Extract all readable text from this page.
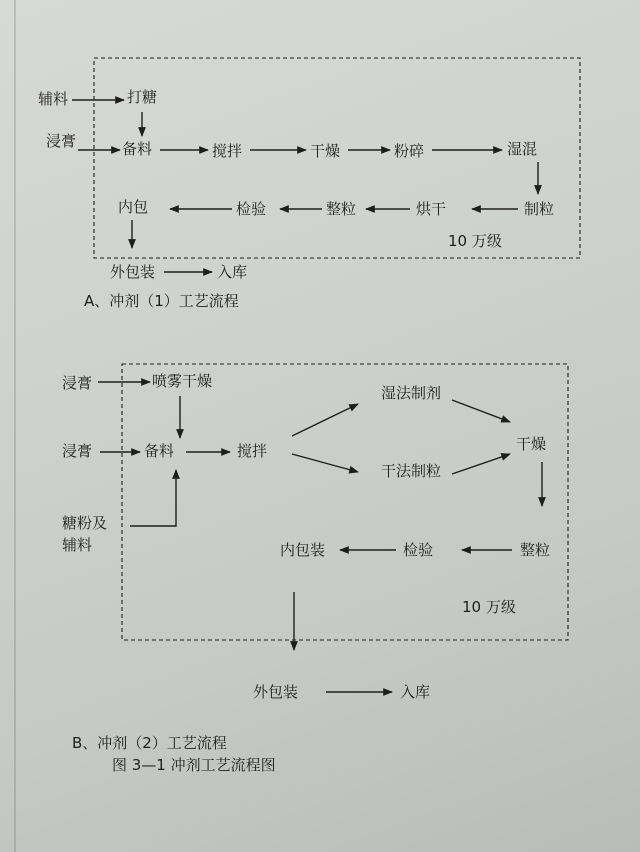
辅料	打糖
浸膏	备料	搅拌	干燥	粉碎	湿混
制粒
烘干
整粒
检验
内包
10 万级
外包装	入库
A、冲剂（1）工艺流程
浸膏	喷雾干燥
湿法制剂
浸膏	备料	搅拌	干燥
干法制粒
糖粉及
辅料	内包装	检验	整粒
10 万级
外包装	入库
B、冲剂（2）工艺流程
图 3—1 冲剂工艺流程图
